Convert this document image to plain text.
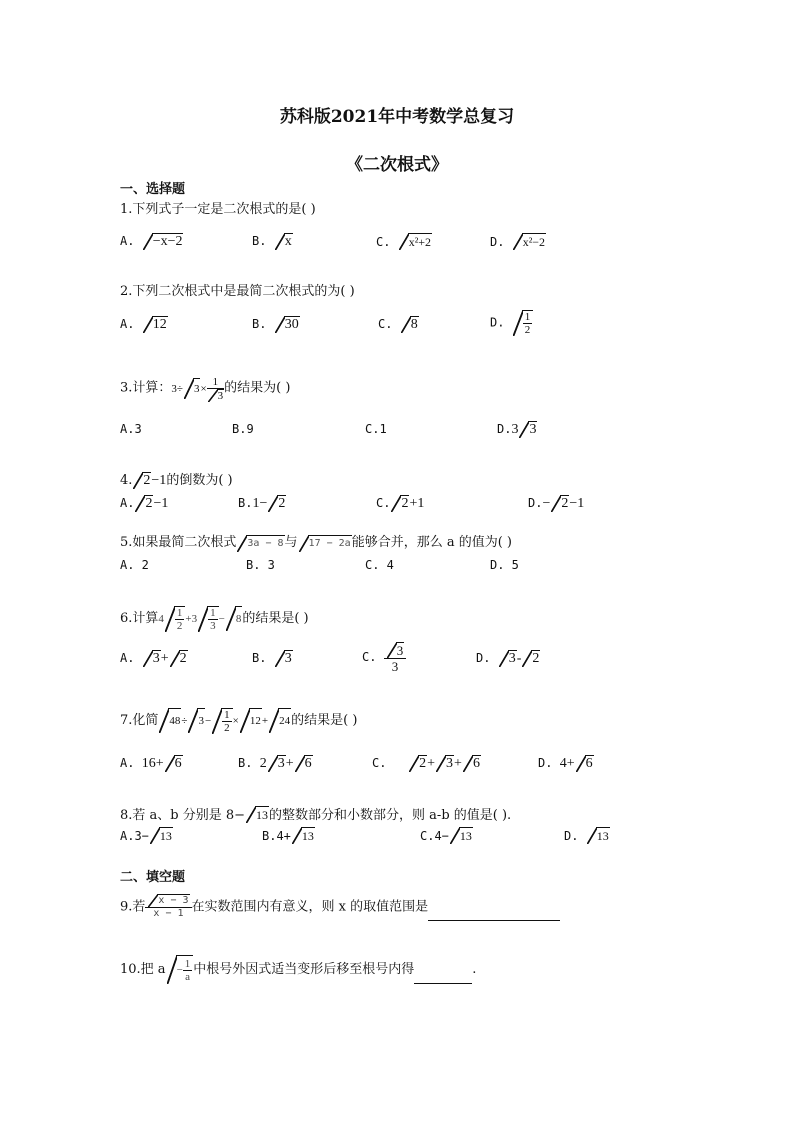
苏科版2021年中考数学总复习
《二次根式》
一、选择题
1.下列式子一定是二次根式的是( )
A. −x−2	B. x	C. x²+2	D. x²−2
2.下列二次根式中是最简二次根式的为( )
A. 12	B. 30	C. 8	D. $\frac{1}{2}$
3.计算：$3\div 3\times \frac{1}{3}$ 的结果为( )
A.3	B.9	C.1	D.3 3
4. 2−1的倒数为( )
A. 2−1	B.1− 2	C. 2+1	D.− 2−1
5.如果最简二次根式 3a − 8与 17 − 2a能够合并，那么 a 的值为( )
A. 2	B. 3	C. 4	D. 5
6.计算$4 \frac{1}{2} +3 \frac{1}{3} - 8$的结果是( )
A. 3+ 2	B. 3	C. $\frac{3}{3}$	D. 3- 2
7.化简 $48\div 3- \frac{1}{2} \times 12+ 24$的结果是( )
A. 16+ 6	B. 2 3+ 6	C. 2+ 3+ 6	D. 4+ 6
8.若 a、b 分别是 8− 13的整数部分和小数部分，则 a-b 的值是( ).
A.3− 13	B.4+ 13	C.4− 13	D. 13
二、填空题
9.若 $\frac{x - 3}{x - 1}$ 在实数范围内有意义，则 x 的取值范围是
10.把 $a - \frac{1}{a}$ 中根号外因式适当变形后移至根号内得	.
